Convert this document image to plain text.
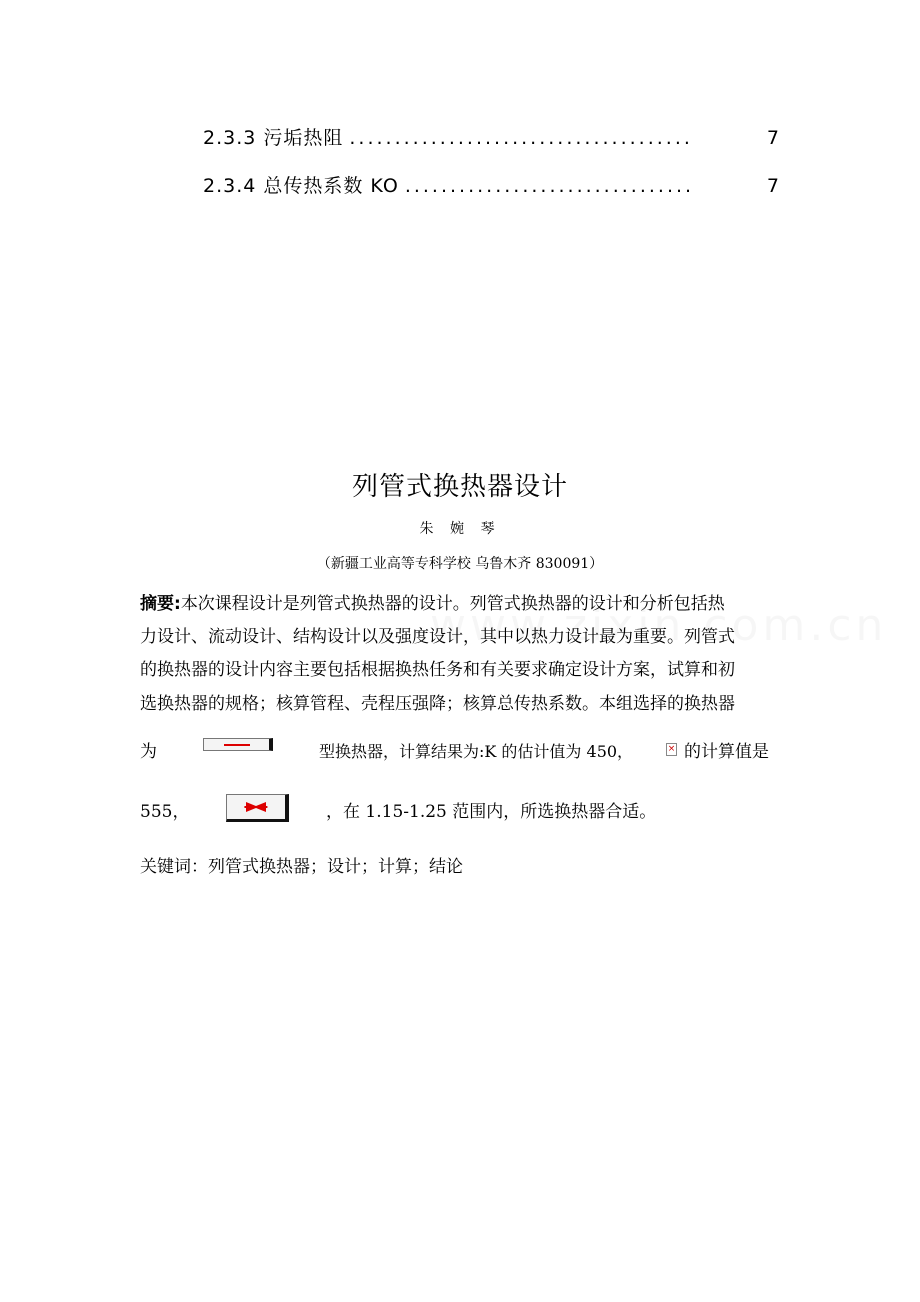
2.3.3 污垢热阻 ......................................	7
2.3.4 总传热系数 KO ................................	7
列管式换热器设计
朱 婉 琴
（新疆工业高等专科学校 乌鲁木齐 830091）
摘要:本次课程设计是列管式换热器的设计。列管式换热器的设计和分析包括热
力设计、流动设计、结构设计以及强度设计，其中以热力设计最为重要。列管式
的换热器的设计内容主要包括根据换热任务和有关要求确定设计方案，试算和初
选换热器的规格；核算管程、壳程压强降；核算总传热系数。本组选择的换热器
为	型换热器，计算结果为:K 的估计值为 450，	× 的计算值是
555，	，在 1.15-1.25 范围内，所选换热器合适。
关键词：列管式换热器；设计；计算；结论
